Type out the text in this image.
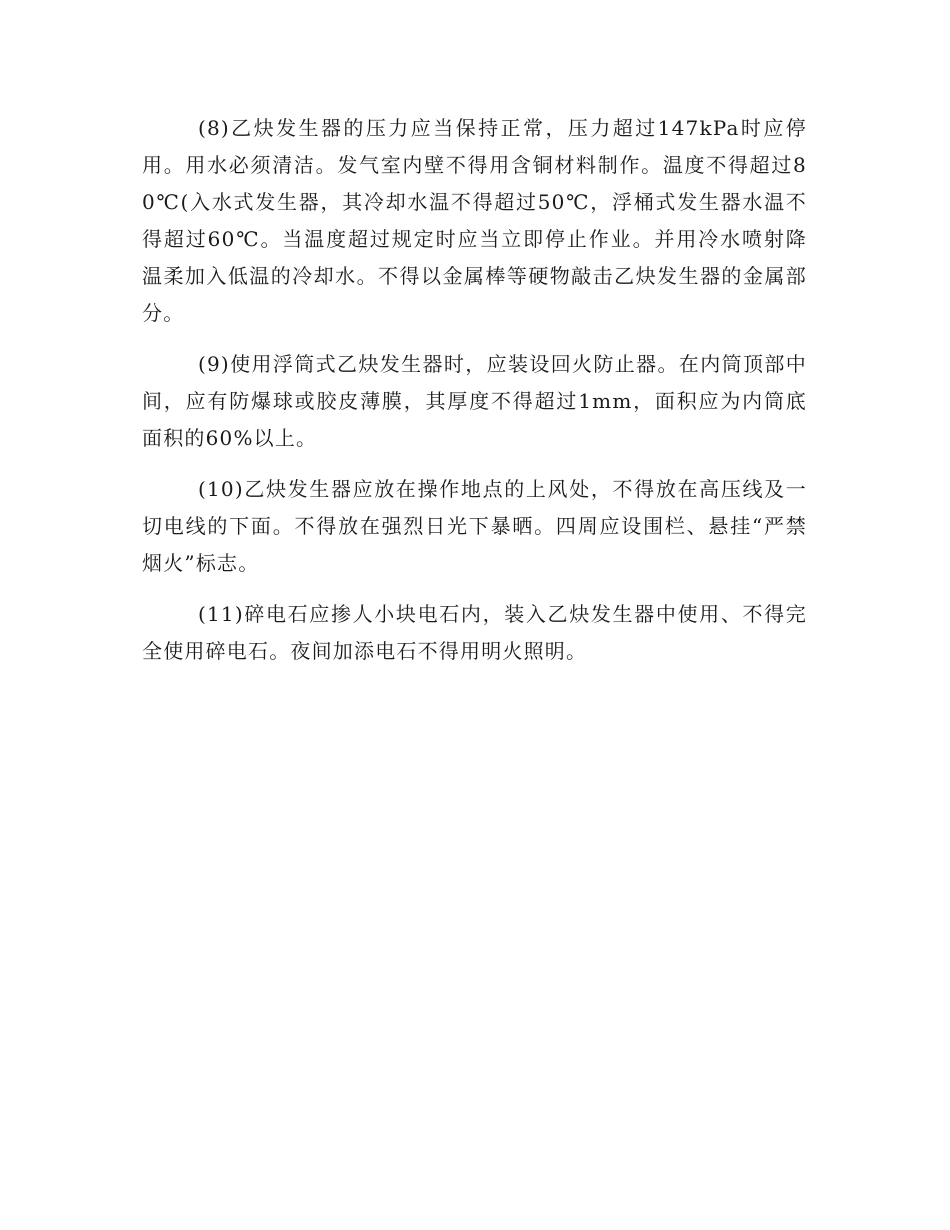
(8)乙炔发生器的压力应当保持正常，压力超过147kPa时应停用。用水必须清洁。发气室内壁不得用含铜材料制作。温度不得超过80℃(入水式发生器，其冷却水温不得超过50℃，浮桶式发生器水温不得超过60℃。当温度超过规定时应当立即停止作业。并用冷水喷射降温柔加入低温的冷却水。不得以金属棒等硬物敲击乙炔发生器的金属部分。

(9)使用浮筒式乙炔发生器时，应装设回火防止器。在内筒顶部中间，应有防爆球或胶皮薄膜，其厚度不得超过1mm，面积应为内筒底面积的60%以上。

(10)乙炔发生器应放在操作地点的上风处，不得放在高压线及一切电线的下面。不得放在强烈日光下暴晒。四周应设围栏、悬挂“严禁烟火”标志。

(11)碎电石应掺人小块电石内，装入乙炔发生器中使用、不得完全使用碎电石。夜间加添电石不得用明火照明。
